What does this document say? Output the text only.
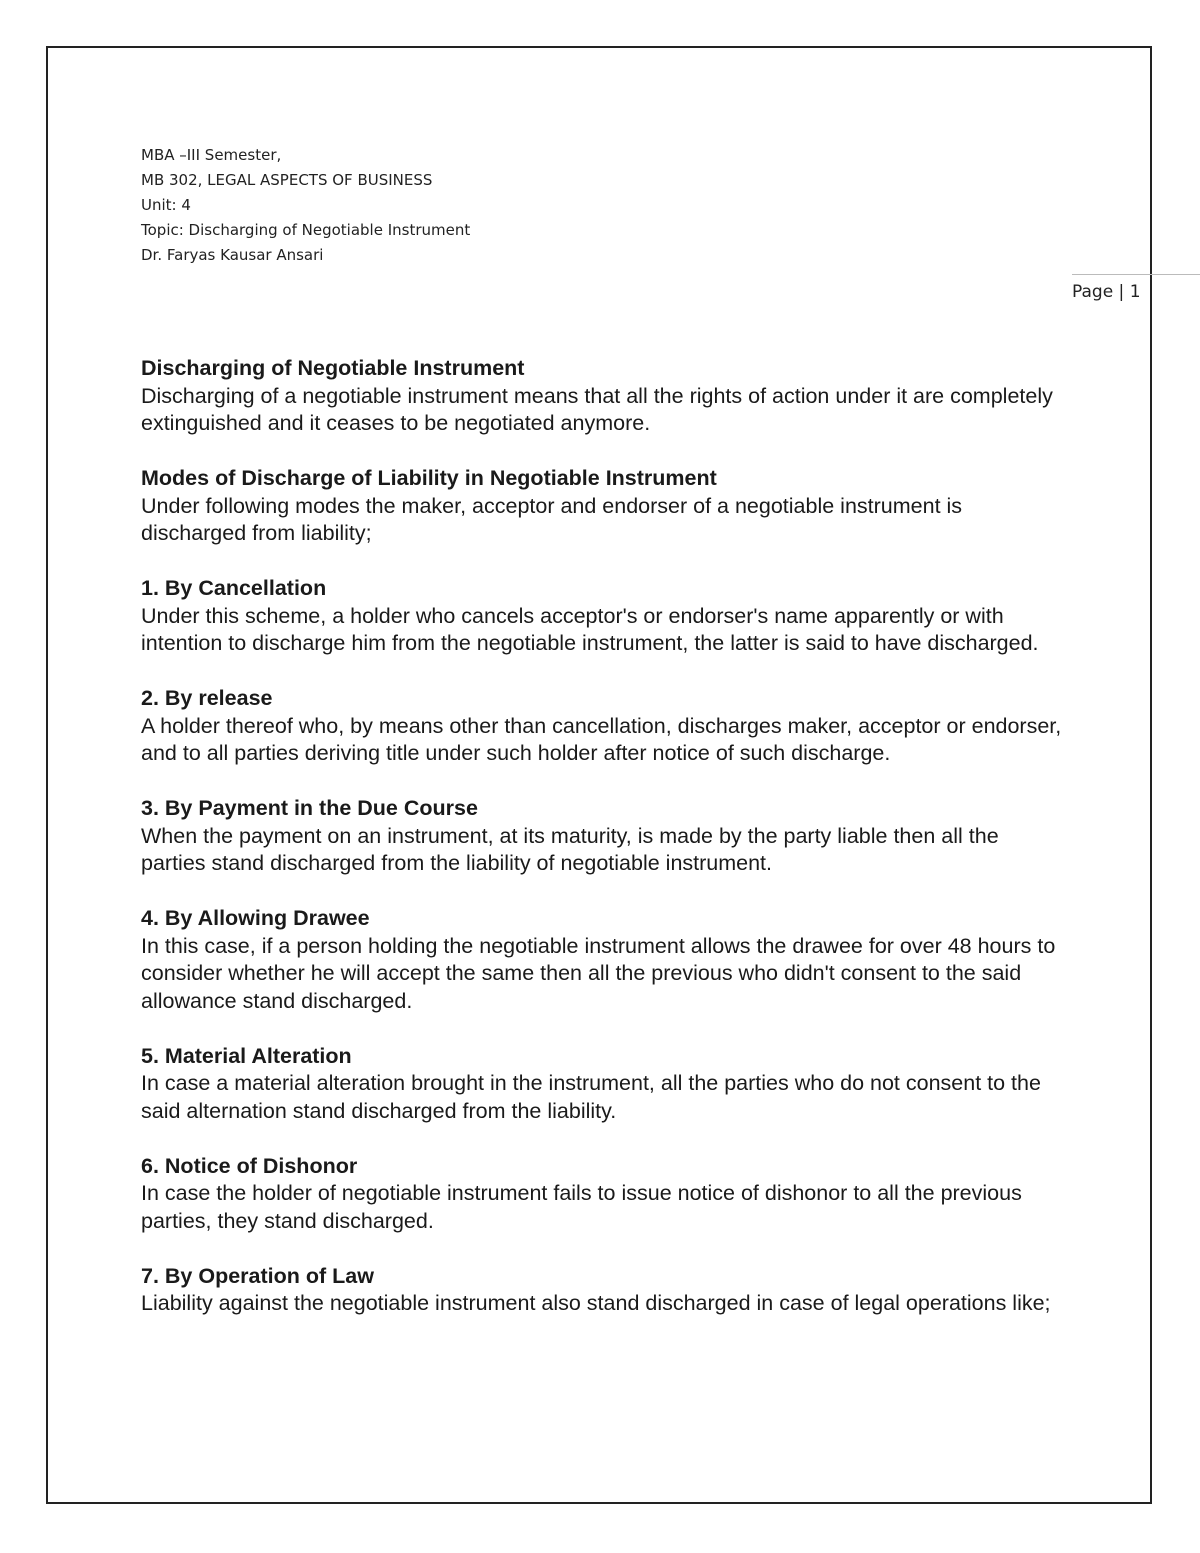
MBA –III Semester,
MB 302, LEGAL ASPECTS OF BUSINESS
Unit: 4
Topic: Discharging of Negotiable Instrument
Dr. Faryas Kausar Ansari
Page | 1
Discharging of Negotiable Instrument
Discharging of a negotiable instrument means that all the rights of action under it are completely extinguished and it ceases to be negotiated anymore.
Modes of Discharge of Liability in Negotiable Instrument
Under following modes the maker, acceptor and endorser of a negotiable instrument is discharged from liability;
1. By Cancellation
Under this scheme, a holder who cancels acceptor's or endorser's name apparently or with intention to discharge him from the negotiable instrument, the latter is said to have discharged.
2. By release
A holder thereof who, by means other than cancellation, discharges maker, acceptor or endorser, and to all parties deriving title under such holder after notice of such discharge.
3. By Payment in the Due Course
When the payment on an instrument, at its maturity, is made by the party liable then all the parties stand discharged from the liability of negotiable instrument.
4. By Allowing Drawee
In this case, if a person holding the negotiable instrument allows the drawee for over 48 hours to consider whether he will accept the same then all the previous who didn't consent to the said allowance stand discharged.
5. Material Alteration
In case a material alteration brought in the instrument, all the parties who do not consent to the said alternation stand discharged from the liability.
6. Notice of Dishonor
In case the holder of negotiable instrument fails to issue notice of dishonor to all the previous parties, they stand discharged.
7. By Operation of Law
Liability against the negotiable instrument also stand discharged in case of legal operations like;
